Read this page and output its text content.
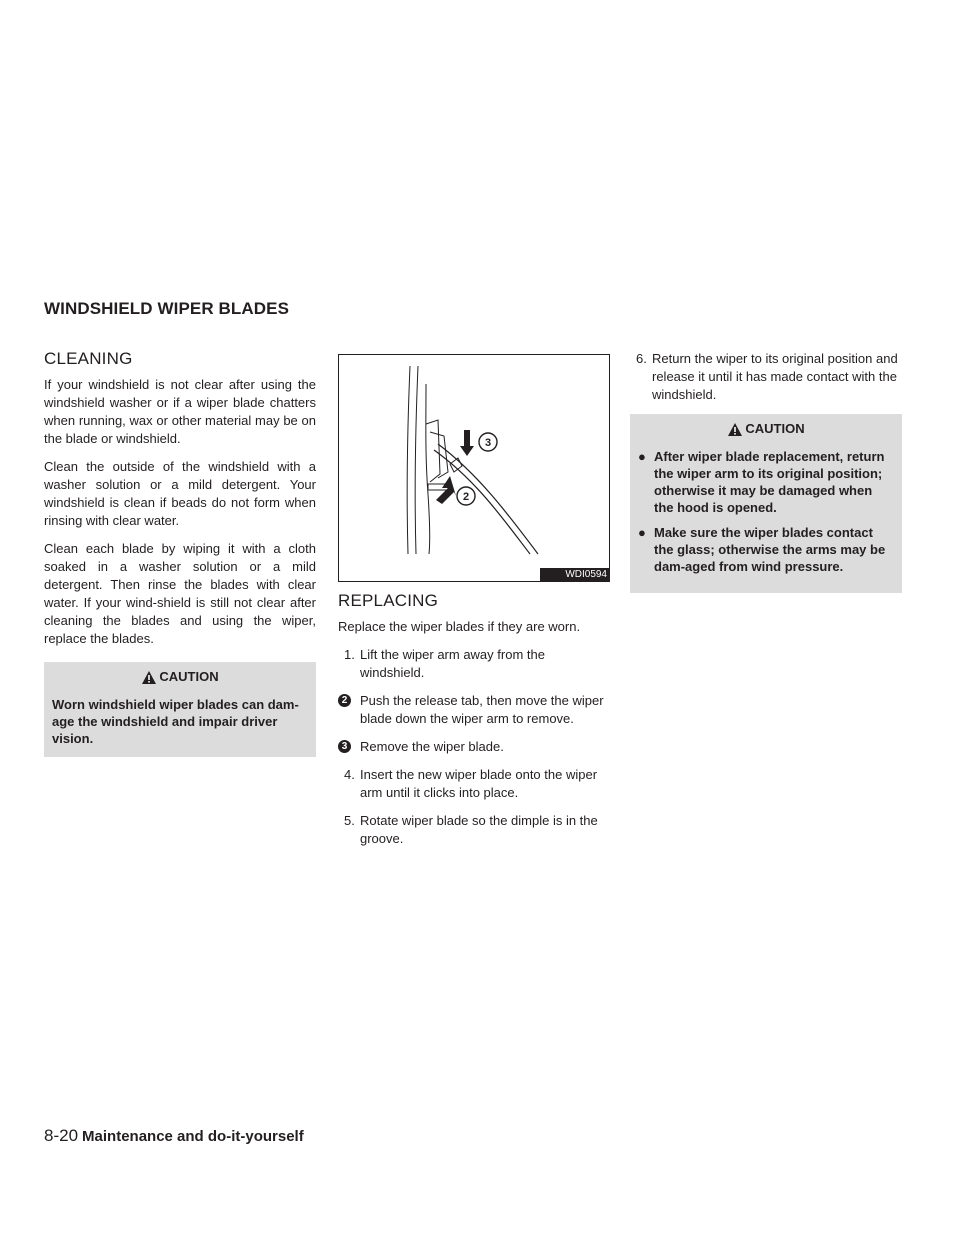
WINDSHIELD WIPER BLADES
CLEANING

If your windshield is not clear after using the windshield washer or if a wiper blade chatters when running, wax or other material may be on the blade or windshield.

Clean the outside of the windshield with a washer solution or a mild detergent. Your windshield is clean if beads do not form when rinsing with clear water.

Clean each blade by wiping it with a cloth soaked in a washer solution or a mild detergent. Then rinse the blades with clear water. If your wind-shield is still not clear after cleaning the blades and using the wiper, replace the blades.

CAUTION
Worn windshield wiper blades can dam-age the windshield and impair driver vision.
3
2
WDI0594
REPLACING

Replace the wiper blades if they are worn.

1. Lift the wiper arm away from the windshield.
2 Push the release tab, then move the wiper blade down the wiper arm to remove.
3 Remove the wiper blade.
4. Insert the new wiper blade onto the wiper arm until it clicks into place.
5. Rotate wiper blade so the dimple is in the groove.
6. Return the wiper to its original position and release it until it has made contact with the windshield.
CAUTION
● After wiper blade replacement, return the wiper arm to its original position; otherwise it may be damaged when the hood is opened.
● Make sure the wiper blades contact the glass; otherwise the arms may be dam-aged from wind pressure.
8-20 Maintenance and do-it-yourself
